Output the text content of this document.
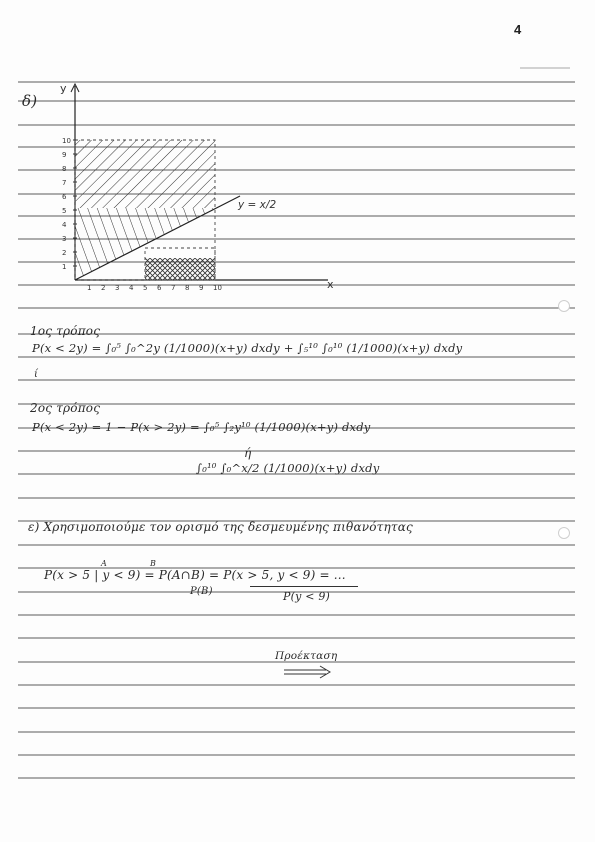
4
δ)
y
x
y = x/2
1
2
3
4
5
6
7
8
9
10
1 2 3 4 5 6 7 8 9 10
1ος τρόπος
P(x < 2y) = ∫₀⁵ ∫₀^2y (1/1000)(x+y) dxdy + ∫₅¹⁰ ∫₀¹⁰ (1/1000)(x+y) dxdy
ί
2ος τρόπος
P(x < 2y) = 1 − P(x > 2y) = ∫₀⁵ ∫₂y¹⁰ (1/1000)(x+y) dxdy
ή
∫₀¹⁰ ∫₀^x/2 (1/1000)(x+y) dxdy
ε) Χρησιμοποιούμε τον ορισμό της δεσμευμένης πιθανότητας
A	B
P(x > 5 | y < 9) = P(A∩B) = P(x > 5, y < 9) = ...
P(B)	P(y < 9)
Προέκταση
